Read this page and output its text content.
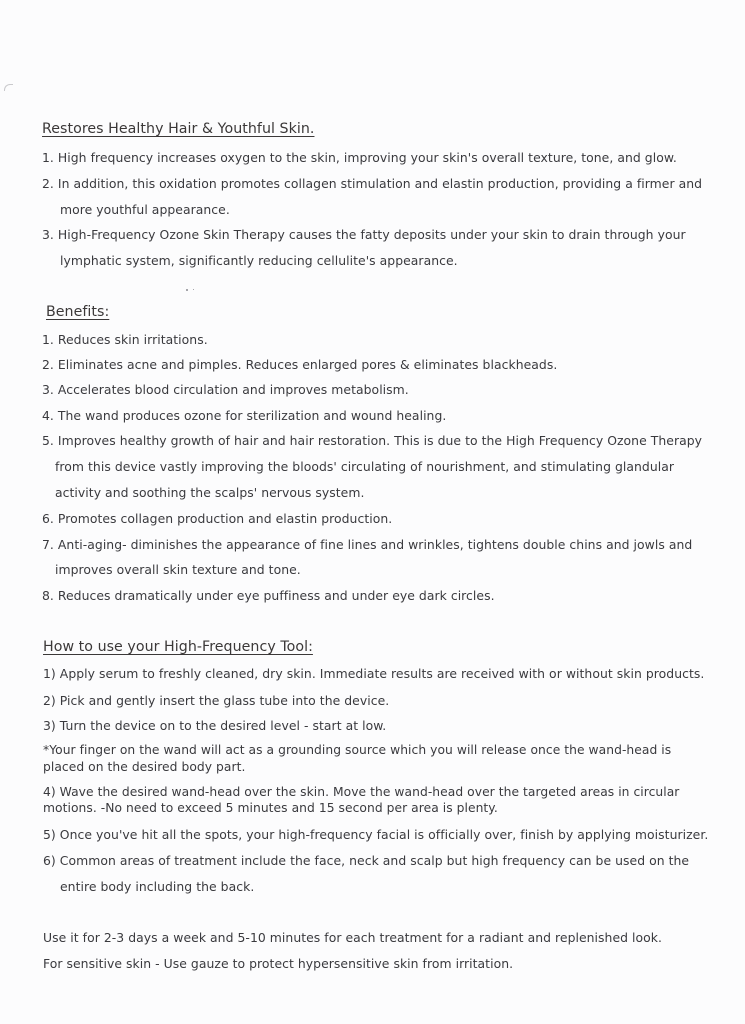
Restores Healthy Hair & Youthful Skin.
1. High frequency increases oxygen to the skin, improving your skin's overall texture, tone, and glow.
2. In addition, this oxidation promotes collagen stimulation and elastin production, providing a firmer and
more youthful appearance.
3. High-Frequency Ozone Skin Therapy causes the fatty deposits under your skin to drain through your
lymphatic system, significantly reducing cellulite's appearance.
Benefits:
1. Reduces skin irritations.
2. Eliminates acne and pimples. Reduces enlarged pores & eliminates blackheads.
3. Accelerates blood circulation and improves metabolism.
4. The wand produces ozone for sterilization and wound healing.
5. Improves healthy growth of hair and hair restoration. This is due to the High Frequency Ozone Therapy
from this device vastly improving the bloods' circulating of nourishment, and stimulating glandular
activity and soothing the scalps' nervous system.
6. Promotes collagen production and elastin production.
7. Anti-aging- diminishes the appearance of fine lines and wrinkles, tightens double chins and jowls and
improves overall skin texture and tone.
8. Reduces dramatically under eye puffiness and under eye dark circles.
How to use your High-Frequency Tool:
1) Apply serum to freshly cleaned, dry skin. Immediate results are received with or without skin products.
2) Pick and gently insert the glass tube into the device.
3) Turn the device on to the desired level - start at low.
*Your finger on the wand will act as a grounding source which you will release once the wand-head is
placed on the desired body part.
4) Wave the desired wand-head over the skin. Move the wand-head over the targeted areas in circular
motions. -No need to exceed 5 minutes and 15 second per area is plenty.
5) Once you've hit all the spots, your high-frequency facial is officially over, finish by applying moisturizer.
6) Common areas of treatment include the face, neck and scalp but high frequency can be used on the
entire body including the back.
Use it for 2-3 days a week and 5-10 minutes for each treatment for a radiant and replenished look.
For sensitive skin - Use gauze to protect hypersensitive skin from irritation.
